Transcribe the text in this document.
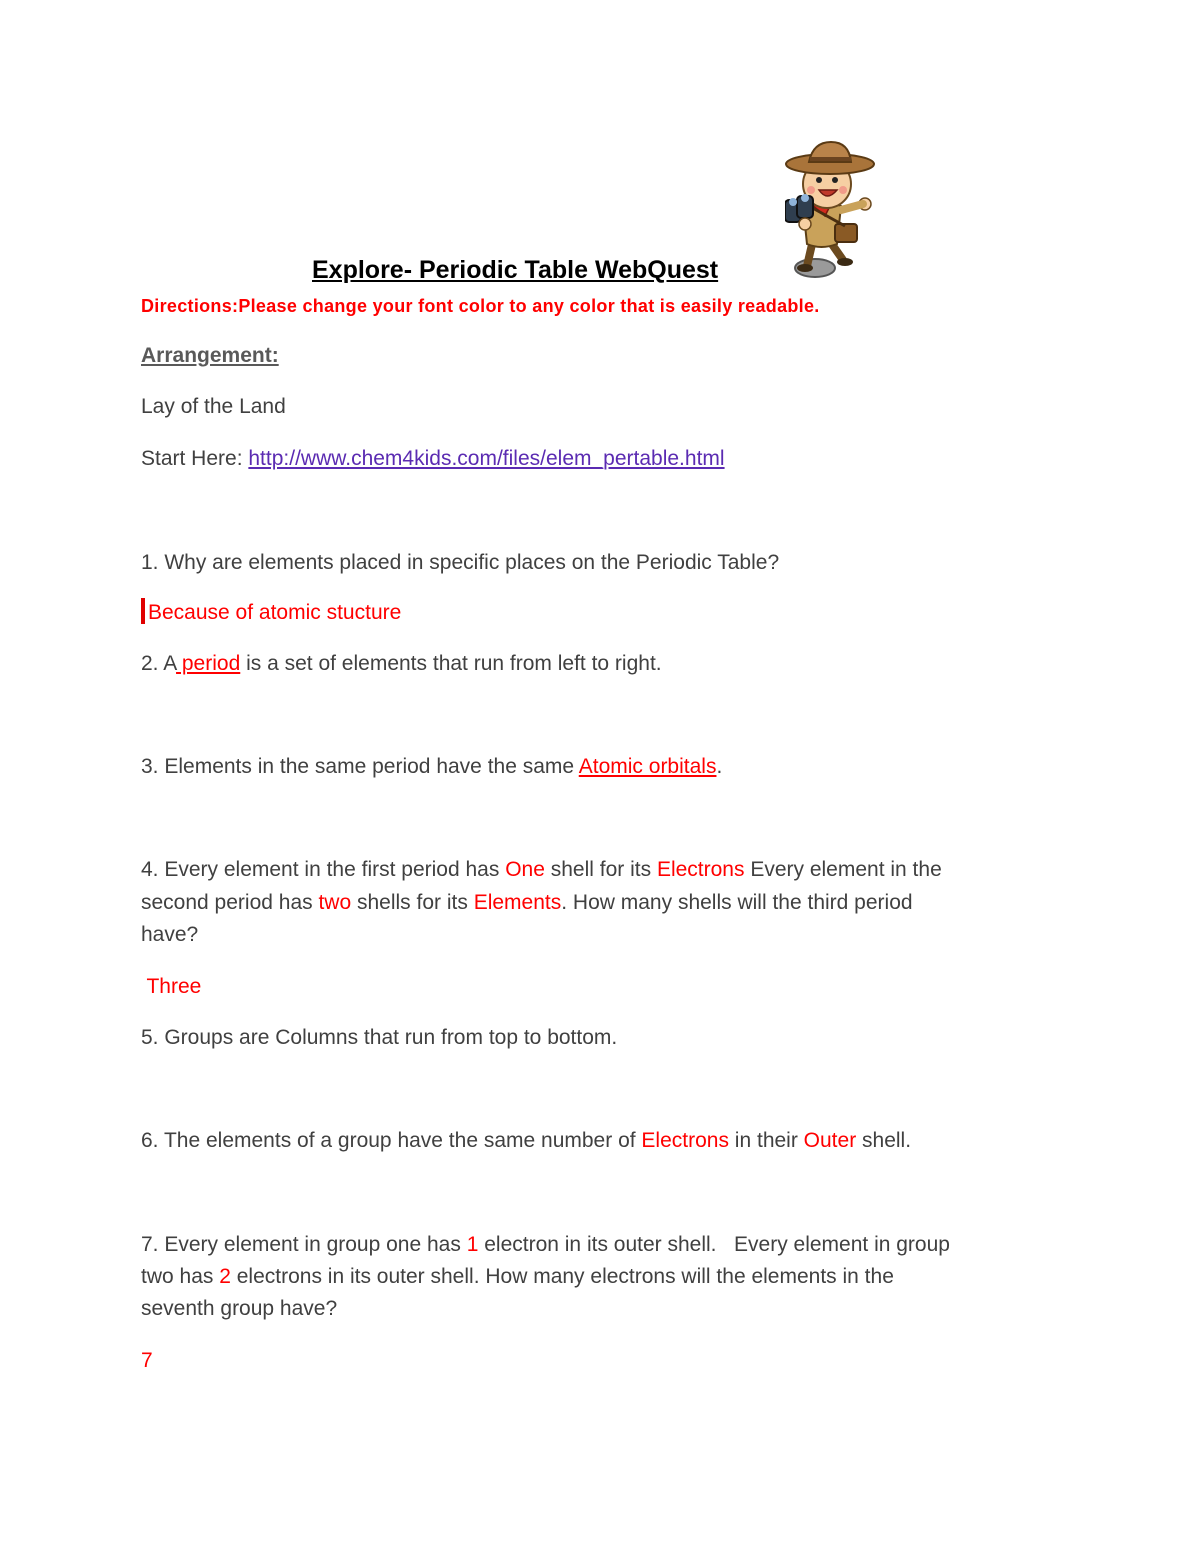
Explore- Periodic Table WebQuest
Directions:Please change your font color to any color that is easily readable.
Arrangement:
Lay of the Land
Start Here: http://www.chem4kids.com/files/elem_pertable.html
1. Why are elements placed in specific places on the Periodic Table?
Because of atomic stucture
2. A period is a set of elements that run from left to right.
3. Elements in the same period have the same Atomic orbitals.
4. Every element in the first period has One shell for its Electrons Every element in the
second period has two shells for its Elements. How many shells will the third period
have?
Three
5. Groups are Columns that run from top to bottom.
6. The elements of a group have the same number of Electrons in their Outer shell.
7. Every element in group one has 1 electron in its outer shell.   Every element in group
two has 2 electrons in its outer shell. How many electrons will the elements in the
seventh group have?
7
